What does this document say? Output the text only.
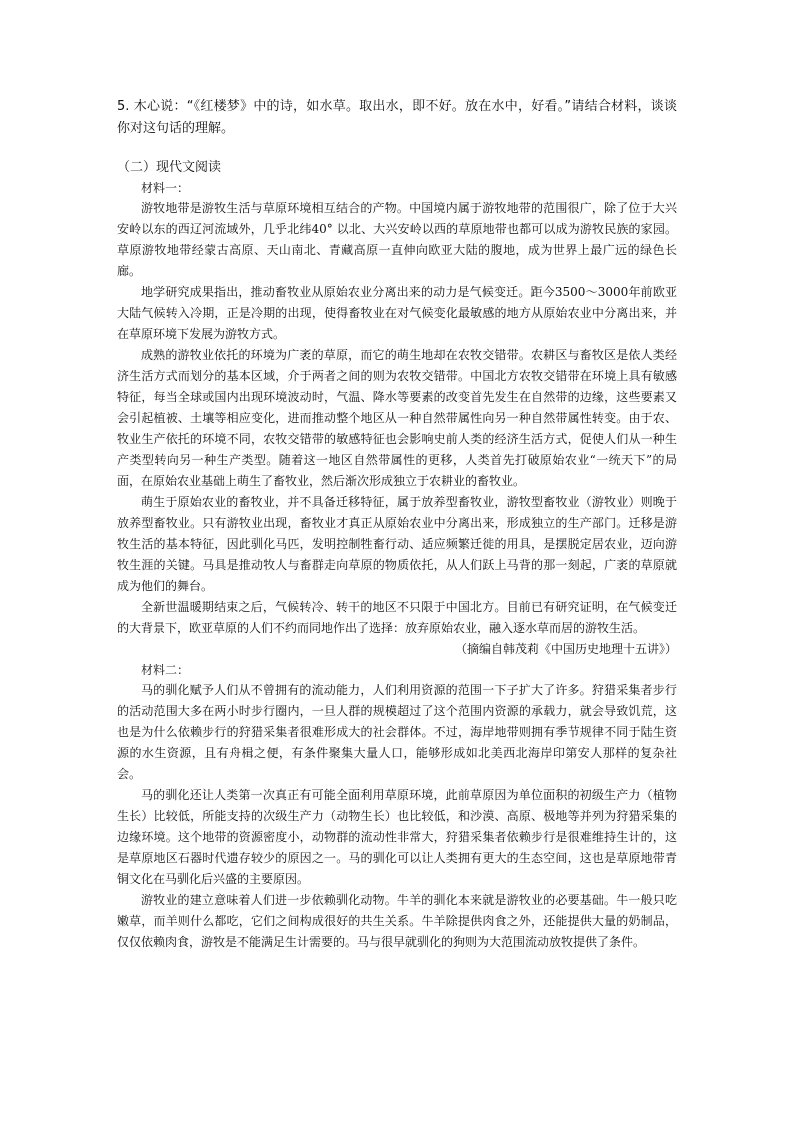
5. 木心说：“《红楼梦》中的诗，如水草。取出水，即不好。放在水中，好看。”请结合材料，谈谈你对这句话的理解。

（二）现代文阅读

材料一：

游牧地带是游牧生活与草原环境相互结合的产物。中国境内属于游牧地带的范围很广，除了位于大兴安岭以东的西辽河流域外，几乎北纬40° 以北、大兴安岭以西的草原地带也都可以成为游牧民族的家园。草原游牧地带经蒙古高原、天山南北、青藏高原一直伸向欧亚大陆的腹地，成为世界上最广远的绿色长廊。

地学研究成果指出，推动畜牧业从原始农业分离出来的动力是气候变迁。距今3500～3000年前欧亚大陆气候转入冷期，正是冷期的出现，使得畜牧业在对气候变化最敏感的地方从原始农业中分离出来，并在草原环境下发展为游牧方式。

成熟的游牧业依托的环境为广袤的草原，而它的萌生地却在农牧交错带。农耕区与畜牧区是依人类经济生活方式而划分的基本区域，介于两者之间的则为农牧交错带。中国北方农牧交错带在环境上具有敏感特征，每当全球或国内出现环境波动时，气温、降水等要素的改变首先发生在自然带的边缘，这些要素又会引起植被、土壤等相应变化，进而推动整个地区从一种自然带属性向另一种自然带属性转变。由于农、牧业生产依托的环境不同，农牧交错带的敏感特征也会影响史前人类的经济生活方式，促使人们从一种生产类型转向另一种生产类型。随着这一地区自然带属性的更移，人类首先打破原始农业“一统天下”的局面，在原始农业基础上萌生了畜牧业，然后渐次形成独立于农耕业的畜牧业。

萌生于原始农业的畜牧业，并不具备迁移特征，属于放养型畜牧业，游牧型畜牧业（游牧业）则晚于放养型畜牧业。只有游牧业出现，畜牧业才真正从原始农业中分离出来，形成独立的生产部门。迁移是游牧生活的基本特征，因此驯化马匹，发明控制牲畜行动、适应频繁迁徙的用具，是摆脱定居农业，迈向游牧生涯的关键。马具是推动牧人与畜群走向草原的物质依托，从人们跃上马背的那一刻起，广袤的草原就成为他们的舞台。

全新世温暖期结束之后，气候转冷、转干的地区不只限于中国北方。目前已有研究证明，在气候变迁的大背景下，欧亚草原的人们不约而同地作出了选择：放弃原始农业，融入逐水草而居的游牧生活。

（摘编自韩茂莉《中国历史地理十五讲》）

材料二：

马的驯化赋予人们从不曾拥有的流动能力，人们利用资源的范围一下子扩大了许多。狩猎采集者步行的活动范围大多在两小时步行圈内，一旦人群的规模超过了这个范围内资源的承载力，就会导致饥荒，这也是为什么依赖步行的狩猎采集者很难形成大的社会群体。不过，海岸地带则拥有季节规律不同于陆生资源的水生资源，且有舟楫之便，有条件聚集大量人口，能够形成如北美西北海岸印第安人那样的复杂社会。

马的驯化还让人类第一次真正有可能全面利用草原环境，此前草原因为单位面积的初级生产力（植物生长）比较低，所能支持的次级生产力（动物生长）也比较低，和沙漠、高原、极地等并列为狩猎采集的边缘环境。这个地带的资源密度小，动物群的流动性非常大，狩猎采集者依赖步行是很难维持生计的，这是草原地区石器时代遗存较少的原因之一。马的驯化可以让人类拥有更大的生态空间，这也是草原地带青铜文化在马驯化后兴盛的主要原因。

游牧业的建立意味着人们进一步依赖驯化动物。牛羊的驯化本来就是游牧业的必要基础。牛一般只吃嫩草，而羊则什么都吃，它们之间构成很好的共生关系。牛羊除提供肉食之外，还能提供大量的奶制品，仅仅依赖肉食，游牧是不能满足生计需要的。马与很早就驯化的狗则为大范围流动放牧提供了条件。
